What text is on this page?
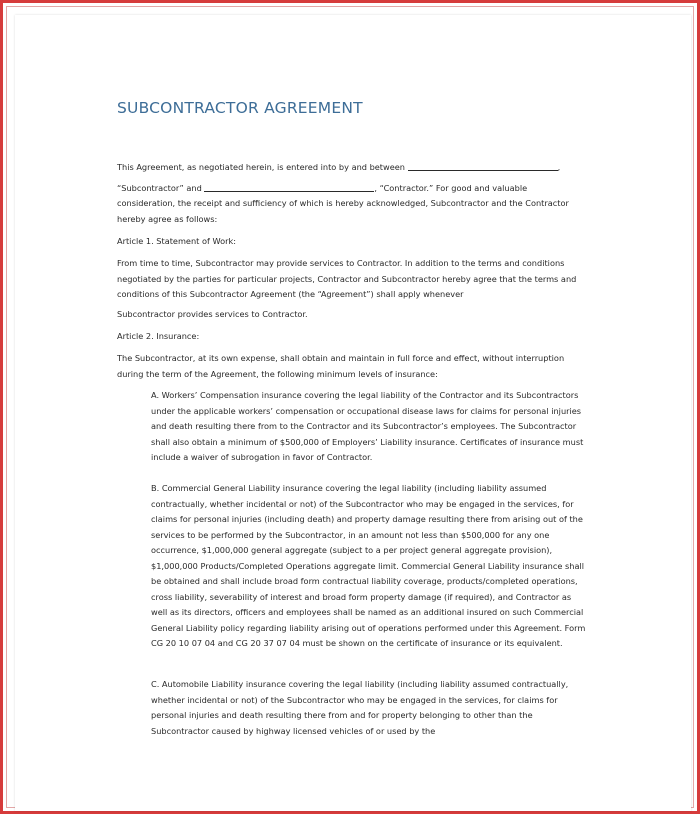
SUBCONTRACTOR AGREEMENT

This Agreement, as negotiated herein, is entered into by and between	,

“Subcontractor” and	, “Contractor.” For good and valuable

consideration, the receipt and sufficiency of which is hereby acknowledged, Subcontractor and the Contractor hereby agree as follows:

Article 1. Statement of Work:

From time to time, Subcontractor may provide services to Contractor. In addition to the terms and conditions negotiated by the parties for particular projects, Contractor and Subcontractor hereby agree that the terms and conditions of this Subcontractor Agreement (the “Agreement”) shall apply whenever

Subcontractor provides services to Contractor.

Article 2. Insurance:

The Subcontractor, at its own expense, shall obtain and maintain in full force and effect, without interruption during the term of the Agreement, the following minimum levels of insurance:

A. Workers’ Compensation insurance covering the legal liability of the Contractor and its Subcontractors under the applicable workers’ compensation or occupational disease laws for claims for personal injuries and death resulting there from to the Contractor and its Subcontractor’s employees. The Subcontractor shall also obtain a minimum of $500,000 of Employers’ Liability insurance. Certificates of insurance must include a waiver of subrogation in favor of Contractor.

B. Commercial General Liability insurance covering the legal liability (including liability assumed contractually, whether incidental or not) of the Subcontractor who may be engaged in the services, for claims for personal injuries (including death) and property damage resulting there from arising out of the services to be performed by the Subcontractor, in an amount not less than $500,000 for any one occurrence, $1,000,000 general aggregate (subject to a per project general aggregate provision), $1,000,000 Products/Completed Operations aggregate limit. Commercial General Liability insurance shall be obtained and shall include broad form contractual liability coverage, products/completed operations, cross liability, severability of interest and broad form property damage (if required), and Contractor as well as its directors, officers and employees shall be named as an additional insured on such Commercial General Liability policy regarding liability arising out of operations performed under this Agreement. Form CG 20 10 07 04 and CG 20 37 07 04 must be shown on the certificate of insurance or its equivalent.

C. Automobile Liability insurance covering the legal liability (including liability assumed contractually, whether incidental or not) of the Subcontractor who may be engaged in the services, for claims for personal injuries and death resulting there from and for property belonging to other than the Subcontractor caused by highway licensed vehicles of or used by the
